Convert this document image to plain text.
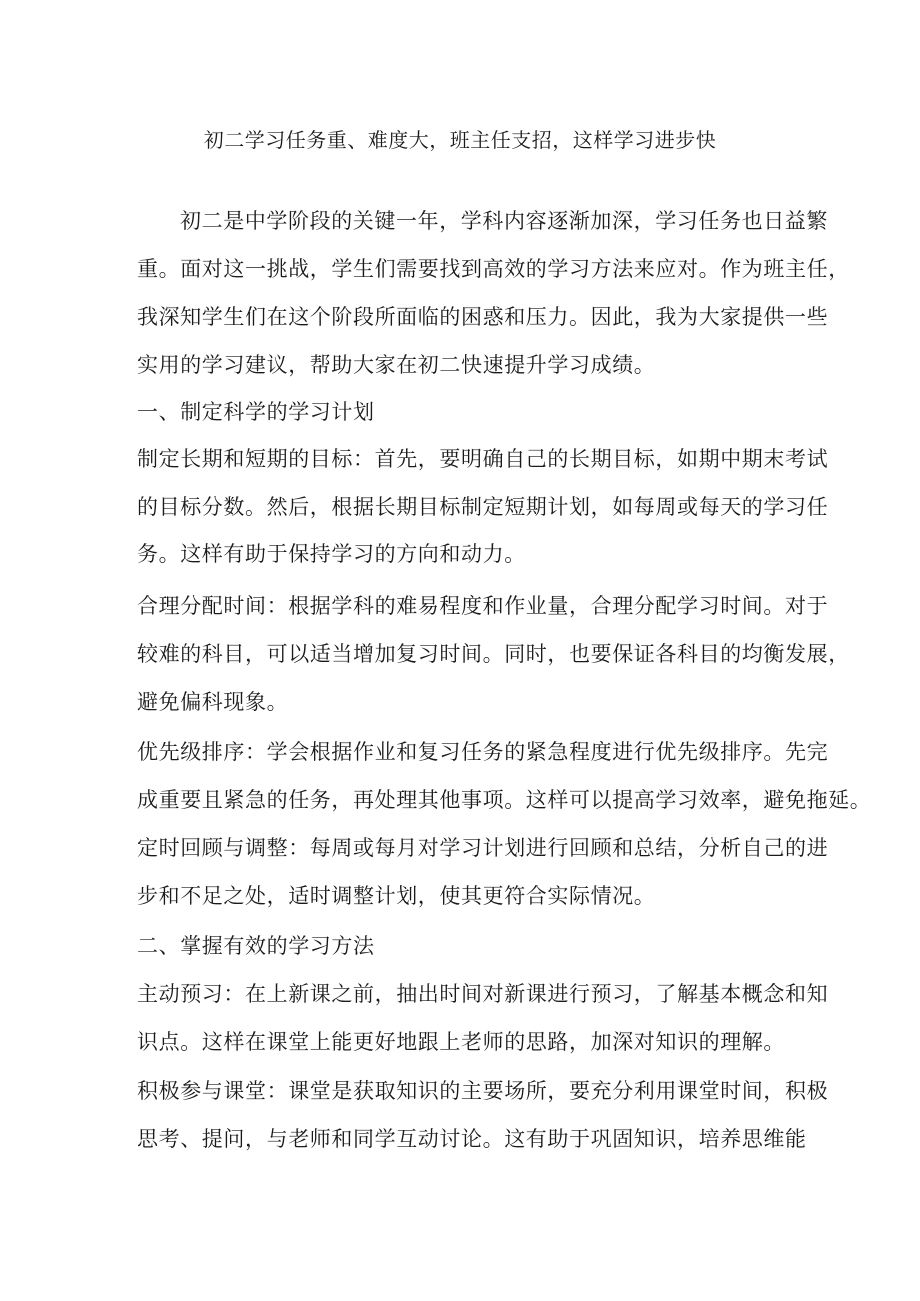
初二学习任务重、难度大，班主任支招，这样学习进步快
初二是中学阶段的关键一年，学科内容逐渐加深，学习任务也日益繁
重。面对这一挑战，学生们需要找到高效的学习方法来应对。作为班主任，
我深知学生们在这个阶段所面临的困惑和压力。因此，我为大家提供一些
实用的学习建议，帮助大家在初二快速提升学习成绩。
一、制定科学的学习计划
制定长期和短期的目标：首先，要明确自己的长期目标，如期中期末考试
的目标分数。然后，根据长期目标制定短期计划，如每周或每天的学习任
务。这样有助于保持学习的方向和动力。
合理分配时间：根据学科的难易程度和作业量，合理分配学习时间。对于
较难的科目，可以适当增加复习时间。同时，也要保证各科目的均衡发展，
避免偏科现象。
优先级排序：学会根据作业和复习任务的紧急程度进行优先级排序。先完
成重要且紧急的任务，再处理其他事项。这样可以提高学习效率，避免拖延。
定时回顾与调整：每周或每月对学习计划进行回顾和总结，分析自己的进
步和不足之处，适时调整计划，使其更符合实际情况。
二、掌握有效的学习方法
主动预习：在上新课之前，抽出时间对新课进行预习，了解基本概念和知
识点。这样在课堂上能更好地跟上老师的思路，加深对知识的理解。
积极参与课堂：课堂是获取知识的主要场所，要充分利用课堂时间，积极
思考、提问，与老师和同学互动讨论。这有助于巩固知识，培养思维能
